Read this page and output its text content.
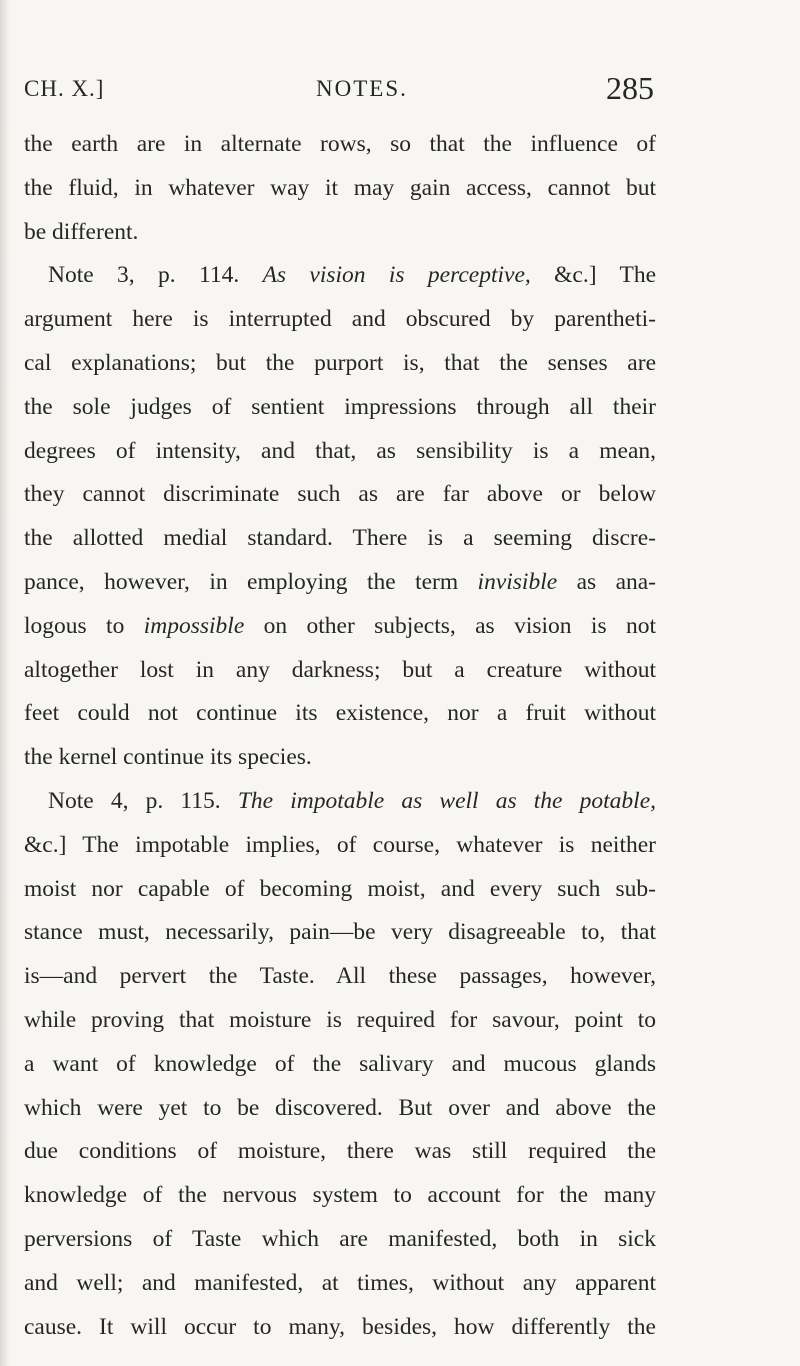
CH. X.]	NOTES.	285
the earth are in alternate rows, so that the influence of
the fluid, in whatever way it may gain access, cannot but
be different.
Note 3, p. 114. As vision is perceptive, &c.] The
argument here is interrupted and obscured by parentheti-
cal explanations; but the purport is, that the senses are
the sole judges of sentient impressions through all their
degrees of intensity, and that, as sensibility is a mean,
they cannot discriminate such as are far above or below
the allotted medial standard. There is a seeming discre-
pance, however, in employing the term invisible as ana-
logous to impossible on other subjects, as vision is not
altogether lost in any darkness; but a creature without
feet could not continue its existence, nor a fruit without
the kernel continue its species.
Note 4, p. 115. The impotable as well as the potable,
&c.] The impotable implies, of course, whatever is neither
moist nor capable of becoming moist, and every such sub-
stance must, necessarily, pain—be very disagreeable to, that
is—and pervert the Taste. All these passages, however,
while proving that moisture is required for savour, point to
a want of knowledge of the salivary and mucous glands
which were yet to be discovered. But over and above the
due conditions of moisture, there was still required the
knowledge of the nervous system to account for the many
perversions of Taste which are manifested, both in sick
and well; and manifested, at times, without any apparent
cause. It will occur to many, besides, how differently the
